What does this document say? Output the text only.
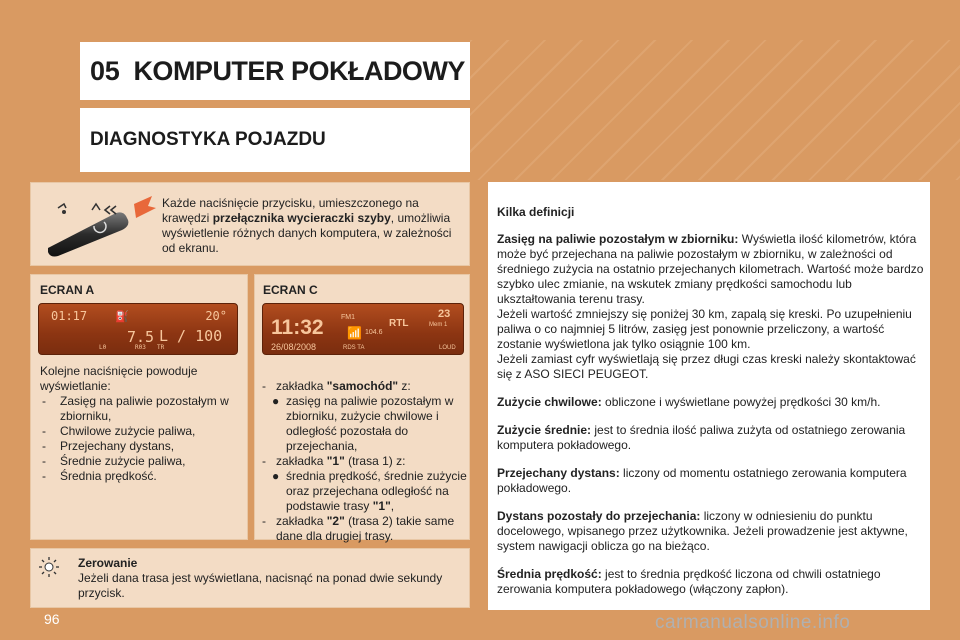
05 KOMPUTER POKŁADOWY
DIAGNOSTYKA POJAZDU
Każde naciśnięcie przycisku, umieszczonego na krawędzi przełącznika wycieraczki szyby, umożliwia wyświetlenie różnych danych komputera, w zależności od ekranu.
ECRAN A	ECRAN C
01:17	20°
⛽
7.5 L / 100
L0	R03 TR
11:32
26/08/2008
FM1
RTL
104.6
23
Mem 1
RDS TA	LOUD
📶
Kolejne naciśnięcie powoduje wyświetlanie:
- Zasięg na paliwie pozostałym w zbiorniku,
- Chwilowe zużycie paliwa,
- Przejechany dystans,
- Średnie zużycie paliwa,
- Średnia prędkość.
- zakładka "samochód" z:
● zasięg na paliwie pozostałym w zbiorniku, zużycie chwilowe i odległość pozostała do przejechania,
- zakładka "1" (trasa 1) z:
● średnia prędkość, średnie zużycie oraz przejechana odległość na podstawie trasy "1",
- zakładka "2" (trasa 2) takie same dane dla drugiej trasy.
Zerowanie
Jeżeli dana trasa jest wyświetlana, nacisnąć na ponad dwie sekundy przycisk.
Kilka definicji

Zasięg na paliwie pozostałym w zbiorniku: Wyświetla ilość kilometrów, która może być przejechana na paliwie pozostałym w zbiorniku, w zależności od średniego zużycia na ostatnio przejechanych kilometrach. Wartość może bardzo szybko ulec zmianie, na wskutek zmiany prędkości samochodu lub ukształtowania terenu trasy.
Jeżeli wartość zmniejszy się poniżej 30 km, zapalą się kreski. Po uzupełnieniu paliwa o co najmniej 5 litrów, zasięg jest ponownie przeliczony, a wartość zostanie wyświetlona jak tylko osiągnie 100 km.
Jeżeli zamiast cyfr wyświetlają się przez długi czas kreski należy skontaktować się z ASO SIECI PEUGEOT.

Zużycie chwilowe: obliczone i wyświetlane powyżej prędkości 30 km/h.

Zużycie średnie: jest to średnia ilość paliwa zużyta od ostatniego zerowania komputera pokładowego.

Przejechany dystans: liczony od momentu ostatniego zerowania komputera pokładowego.

Dystans pozostały do przejechania: liczony w odniesieniu do punktu docelowego, wpisanego przez użytkownika. Jeżeli prowadzenie jest aktywne, system nawigacji oblicza go na bieżąco.

Średnia prędkość: jest to średnia prędkość liczona od chwili ostatniego zerowania komputera pokładowego (włączony zapłon).

96	carmanualsonline.info
